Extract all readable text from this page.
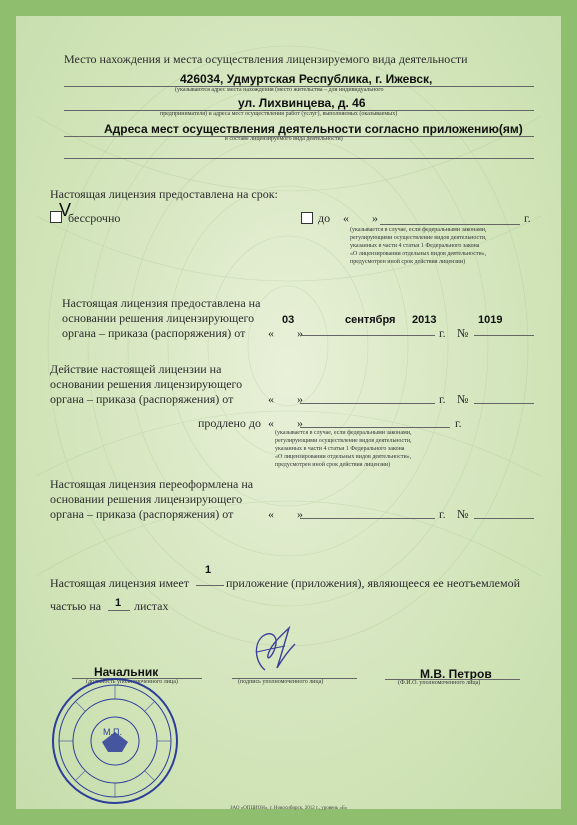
Место нахождения и места осуществления лицензируемого вида деятельности
426034, Удмуртская Республика, г. Ижевск,
(указываются адрес места нахождения (место жительства – для индивидуального
ул. Лихвинцева, д. 46
предпринимателя) и адреса мест осуществления работ (услуг), выполняемых (оказываемых)
Адреса мест осуществления деятельности согласно приложению(ям)
в составе лицензируемого вида деятельности)
Настоящая лицензия предоставлена на срок:
V
бессрочно	до « »	г.
(указывается в случае, если федеральными законами,
регулирующими осуществление видов деятельности,
указанных в части 4 статьи 1 Федерального закона
«О лицензировании отдельных видов деятельности»,
предусмотрен иной срок действия лицензии)
Настоящая лицензия предоставлена на
основании решения лицензирующего
органа – приказа (распоряжения) от	«
03
»
сентября 2013
г. №
1019
Действие настоящей лицензии на
основании решения лицензирующего
органа – приказа (распоряжения) от	« »	г. №
продлено до « »	г.
(указывается в случае, если федеральными законами,
регулирующими осуществление видов деятельности,
указанных в части 4 статьи 1 Федерального закона
«О лицензировании отдельных видов деятельности»,
предусмотрен иной срок действия лицензии)
Настоящая лицензия переоформлена на
основании решения лицензирующего
органа – приказа (распоряжения) от	« »	г. №
Настоящая лицензия имеет
1
приложение (приложения), являющееся ее неотъемлемой
частью на 1 листах
Начальник
(должность уполномоченного лица)	(подпись уполномоченного лица)
М.В. Петров
(Ф.И.О. уполномоченного лица)
М.П.
ЗАО «ОПЦИОН», г. Новосибирск, 2012 г., уровень «Б»
